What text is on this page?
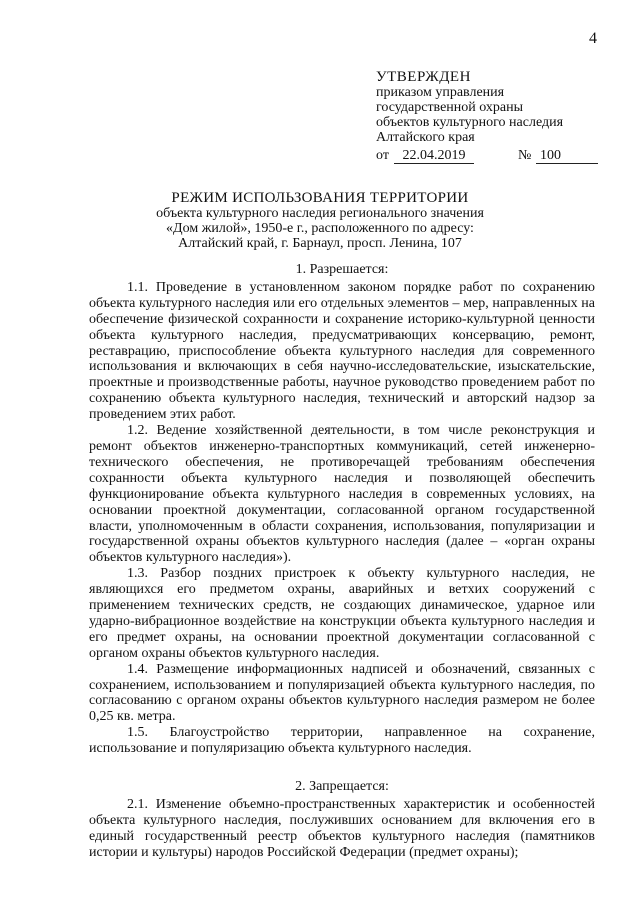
4
УТВЕРЖДЕН
приказом управления
государственной охраны
объектов культурного наследия
Алтайского края
от 22.04.2019	№ 100
РЕЖИМ ИСПОЛЬЗОВАНИЯ ТЕРРИТОРИИ
объекта культурного наследия регионального значения
«Дом жилой», 1950-е г., расположенного по адресу:
Алтайский край, г. Барнаул, просп. Ленина, 107
1. Разрешается:

1.1. Проведение в установленном законом порядке работ по сохранению объекта культурного наследия или его отдельных элементов – мер, направленных на обеспечение физической сохранности и сохранение историко-культурной ценности объекта культурного наследия, предусматривающих консервацию, ремонт, реставрацию, приспособление объекта культурного наследия для современного использования и включающих в себя научно-исследовательские, изыскательские, проектные и производственные работы, научное руководство проведением работ по сохранению объекта культурного наследия, технический и авторский надзор за проведением этих работ.

1.2. Ведение хозяйственной деятельности, в том числе реконструкция и ремонт объектов инженерно-транспортных коммуникаций, сетей инженерно-технического обеспечения, не противоречащей требованиям обеспечения сохранности объекта культурного наследия и позволяющей обеспечить функционирование объекта культурного наследия в современных условиях, на основании проектной документации, согласованной органом государственной власти, уполномоченным в области сохранения, использования, популяризации и государственной охраны объектов культурного наследия (далее – «орган охраны объектов культурного наследия»).

1.3. Разбор поздних пристроек к объекту культурного наследия, не являющихся его предметом охраны, аварийных и ветхих сооружений с применением технических средств, не создающих динамическое, ударное или ударно-вибрационное воздействие на конструкции объекта культурного наследия и его предмет охраны, на основании проектной документации согласованной с органом охраны объектов культурного наследия.

1.4. Размещение информационных надписей и обозначений, связанных с сохранением, использованием и популяризацией объекта культурного наследия, по согласованию с органом охраны объектов культурного наследия размером не более 0,25 кв. метра.

1.5. Благоустройство территории, направленное на сохранение, использование и популяризацию объекта культурного наследия.

2. Запрещается:

2.1. Изменение объемно-пространственных характеристик и особенностей объекта культурного наследия, послуживших основанием для включения его в единый государственный реестр объектов культурного наследия (памятников истории и культуры) народов Российской Федерации (предмет охраны);
